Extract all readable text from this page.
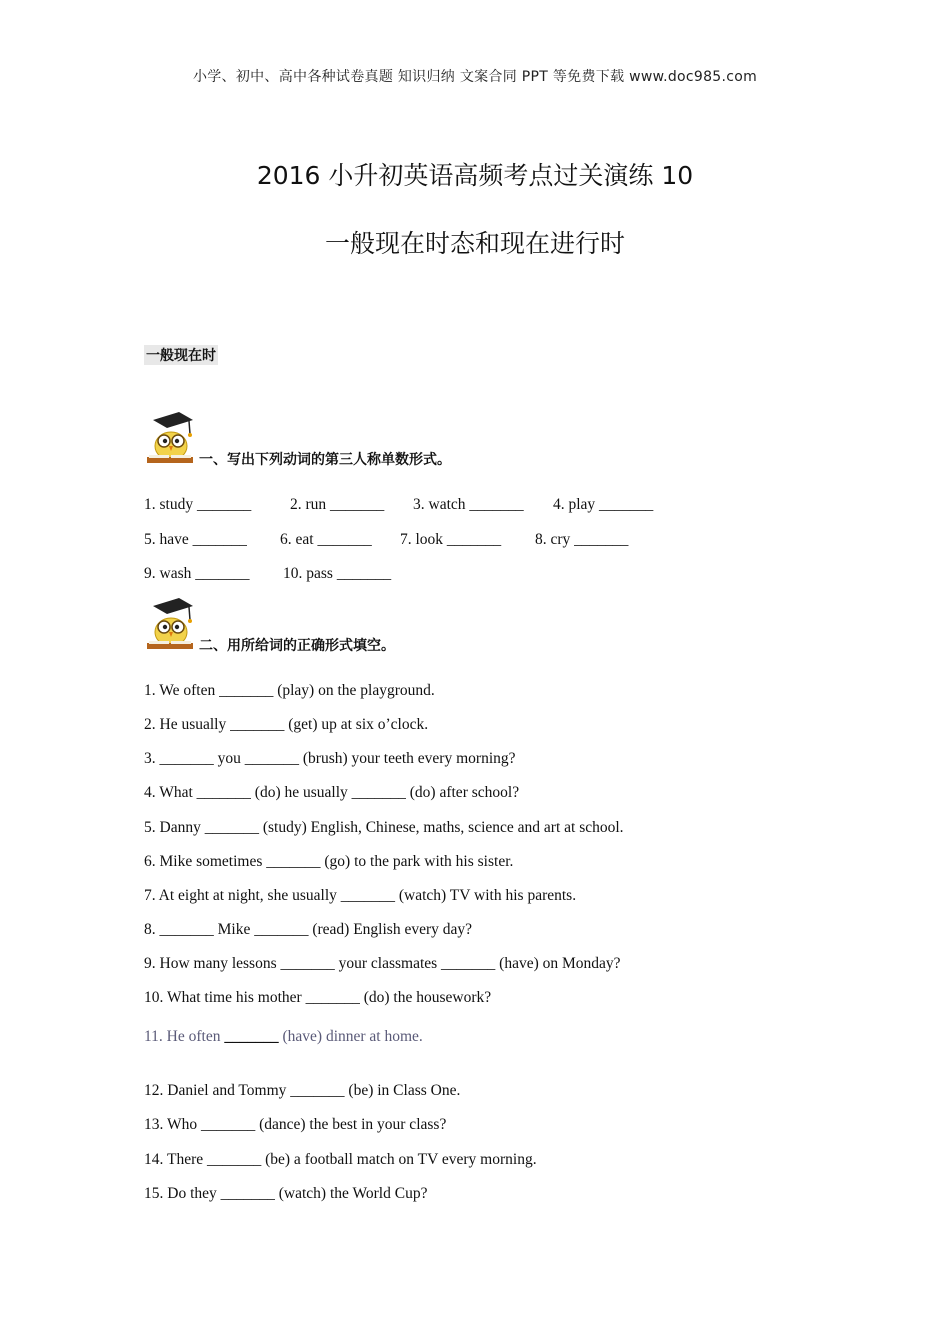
小学、初中、高中各种试卷真题 知识归纳 文案合同 PPT 等免费下载 www.doc985.com
2016 小升初英语高频考点过关演练 10
一般现在时态和现在进行时
一般现在时
一、写出下列动词的第三人称单数形式。
1. study _______	2. run _______ 3. watch _______ 4. play _______
5. have _______ 6. eat _______ 7. look _______ 8. cry _______
9. wash _______ 10. pass _______
二、用所给词的正确形式填空。
1. We often _______ (play) on the playground.
2. He usually _______ (get) up at six o’clock.
3. _______ you _______ (brush) your teeth every morning?
4. What _______ (do) he usually _______ (do) after school?
5. Danny _______ (study) English, Chinese, maths, science and art at school.
6. Mike sometimes _______ (go) to the park with his sister.
7. At eight at night, she usually _______ (watch) TV with his parents.
8. _______ Mike _______ (read) English every day?
9. How many lessons _______ your classmates _______ (have) on Monday?
10. What time his mother _______ (do) the housework?
11. He often _______ (have) dinner at home.
12. Daniel and Tommy _______ (be) in Class One.
13. Who _______ (dance) the best in your class?
14. There _______ (be) a football match on TV every morning.
15. Do they _______ (watch) the World Cup?
